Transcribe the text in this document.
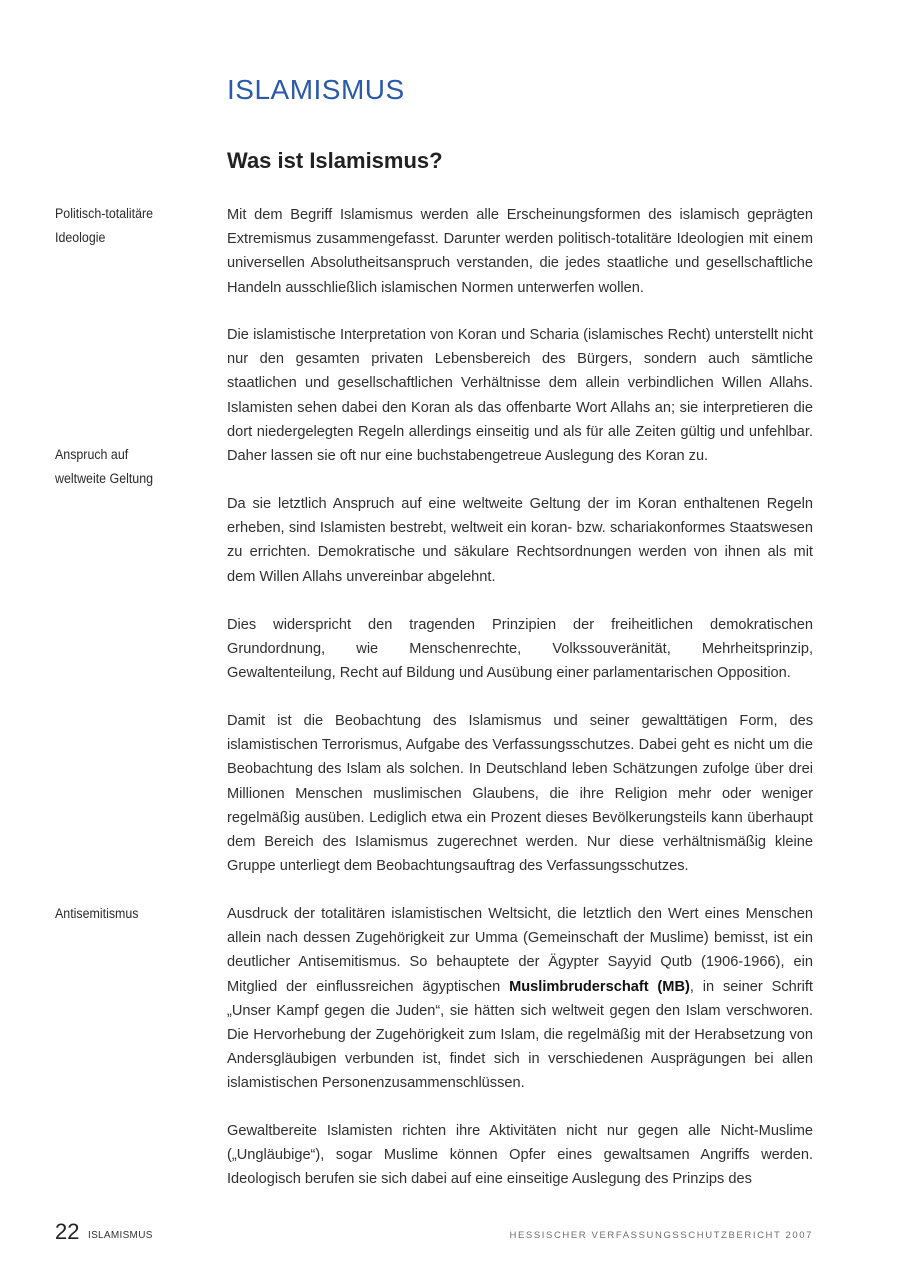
ISLAMISMUS
Was ist Islamismus?
Politisch-totalitäre Ideologie
Anspruch auf weltweite Geltung
Antisemitismus

Mit dem Begriff Islamismus werden alle Erscheinungsformen des islamisch geprägten Extremismus zusammengefasst. Darunter werden politisch-totalitäre Ideologien mit einem universellen Absolutheitsanspruch verstanden, die jedes staatliche und gesellschaftliche Handeln ausschließlich islamischen Normen unterwerfen wollen.

Die islamistische Interpretation von Koran und Scharia (islamisches Recht) unterstellt nicht nur den gesamten privaten Lebensbereich des Bürgers, sondern auch sämtliche staatlichen und gesellschaftlichen Verhältnisse dem allein verbindlichen Willen Allahs. Islamisten sehen dabei den Koran als das offenbarte Wort Allahs an; sie interpretieren die dort niedergelegten Regeln allerdings einseitig und als für alle Zeiten gültig und unfehlbar. Daher lassen sie oft nur eine buchstabengetreue Auslegung des Koran zu.

Da sie letztlich Anspruch auf eine weltweite Geltung der im Koran enthaltenen Regeln erheben, sind Islamisten bestrebt, weltweit ein koran- bzw. schariakonformes Staatswesen zu errichten. Demokratische und säkulare Rechtsordnungen werden von ihnen als mit dem Willen Allahs unvereinbar abgelehnt.

Dies widerspricht den tragenden Prinzipien der freiheitlichen demokratischen Grundordnung, wie Menschenrechte, Volkssouveränität, Mehrheitsprinzip, Gewaltenteilung, Recht auf Bildung und Ausübung einer parlamentarischen Opposition.

Damit ist die Beobachtung des Islamismus und seiner gewalttätigen Form, des islamistischen Terrorismus, Aufgabe des Verfassungsschutzes. Dabei geht es nicht um die Beobachtung des Islam als solchen. In Deutschland leben Schätzungen zufolge über drei Millionen Menschen muslimischen Glaubens, die ihre Religion mehr oder weniger regelmäßig ausüben. Lediglich etwa ein Prozent dieses Bevölkerungsteils kann überhaupt dem Bereich des Islamismus zugerechnet werden. Nur diese verhältnismäßig kleine Gruppe unterliegt dem Beobachtungsauftrag des Verfassungsschutzes.

Ausdruck der totalitären islamistischen Weltsicht, die letztlich den Wert eines Menschen allein nach dessen Zugehörigkeit zur Umma (Gemeinschaft der Muslime) bemisst, ist ein deutlicher Antisemitismus. So behauptete der Ägypter Sayyid Qutb (1906-1966), ein Mitglied der einflussreichen ägyptischen Muslimbruderschaft (MB), in seiner Schrift „Unser Kampf gegen die Juden“, sie hätten sich weltweit gegen den Islam verschworen. Die Hervorhebung der Zugehörigkeit zum Islam, die regelmäßig mit der Herabsetzung von Andersgläubigen verbunden ist, findet sich in verschiedenen Ausprägungen bei allen islamistischen Personenzusammenschlüssen.

Gewaltbereite Islamisten richten ihre Aktivitäten nicht nur gegen alle Nicht-Muslime („Ungläubige“), sogar Muslime können Opfer eines gewaltsamen Angriffs werden. Ideologisch berufen sie sich dabei auf eine einseitige Auslegung des Prinzips des

22 ISLAMISMUS	HESSISCHER VERFASSUNGSSCHUTZBERICHT 2007
